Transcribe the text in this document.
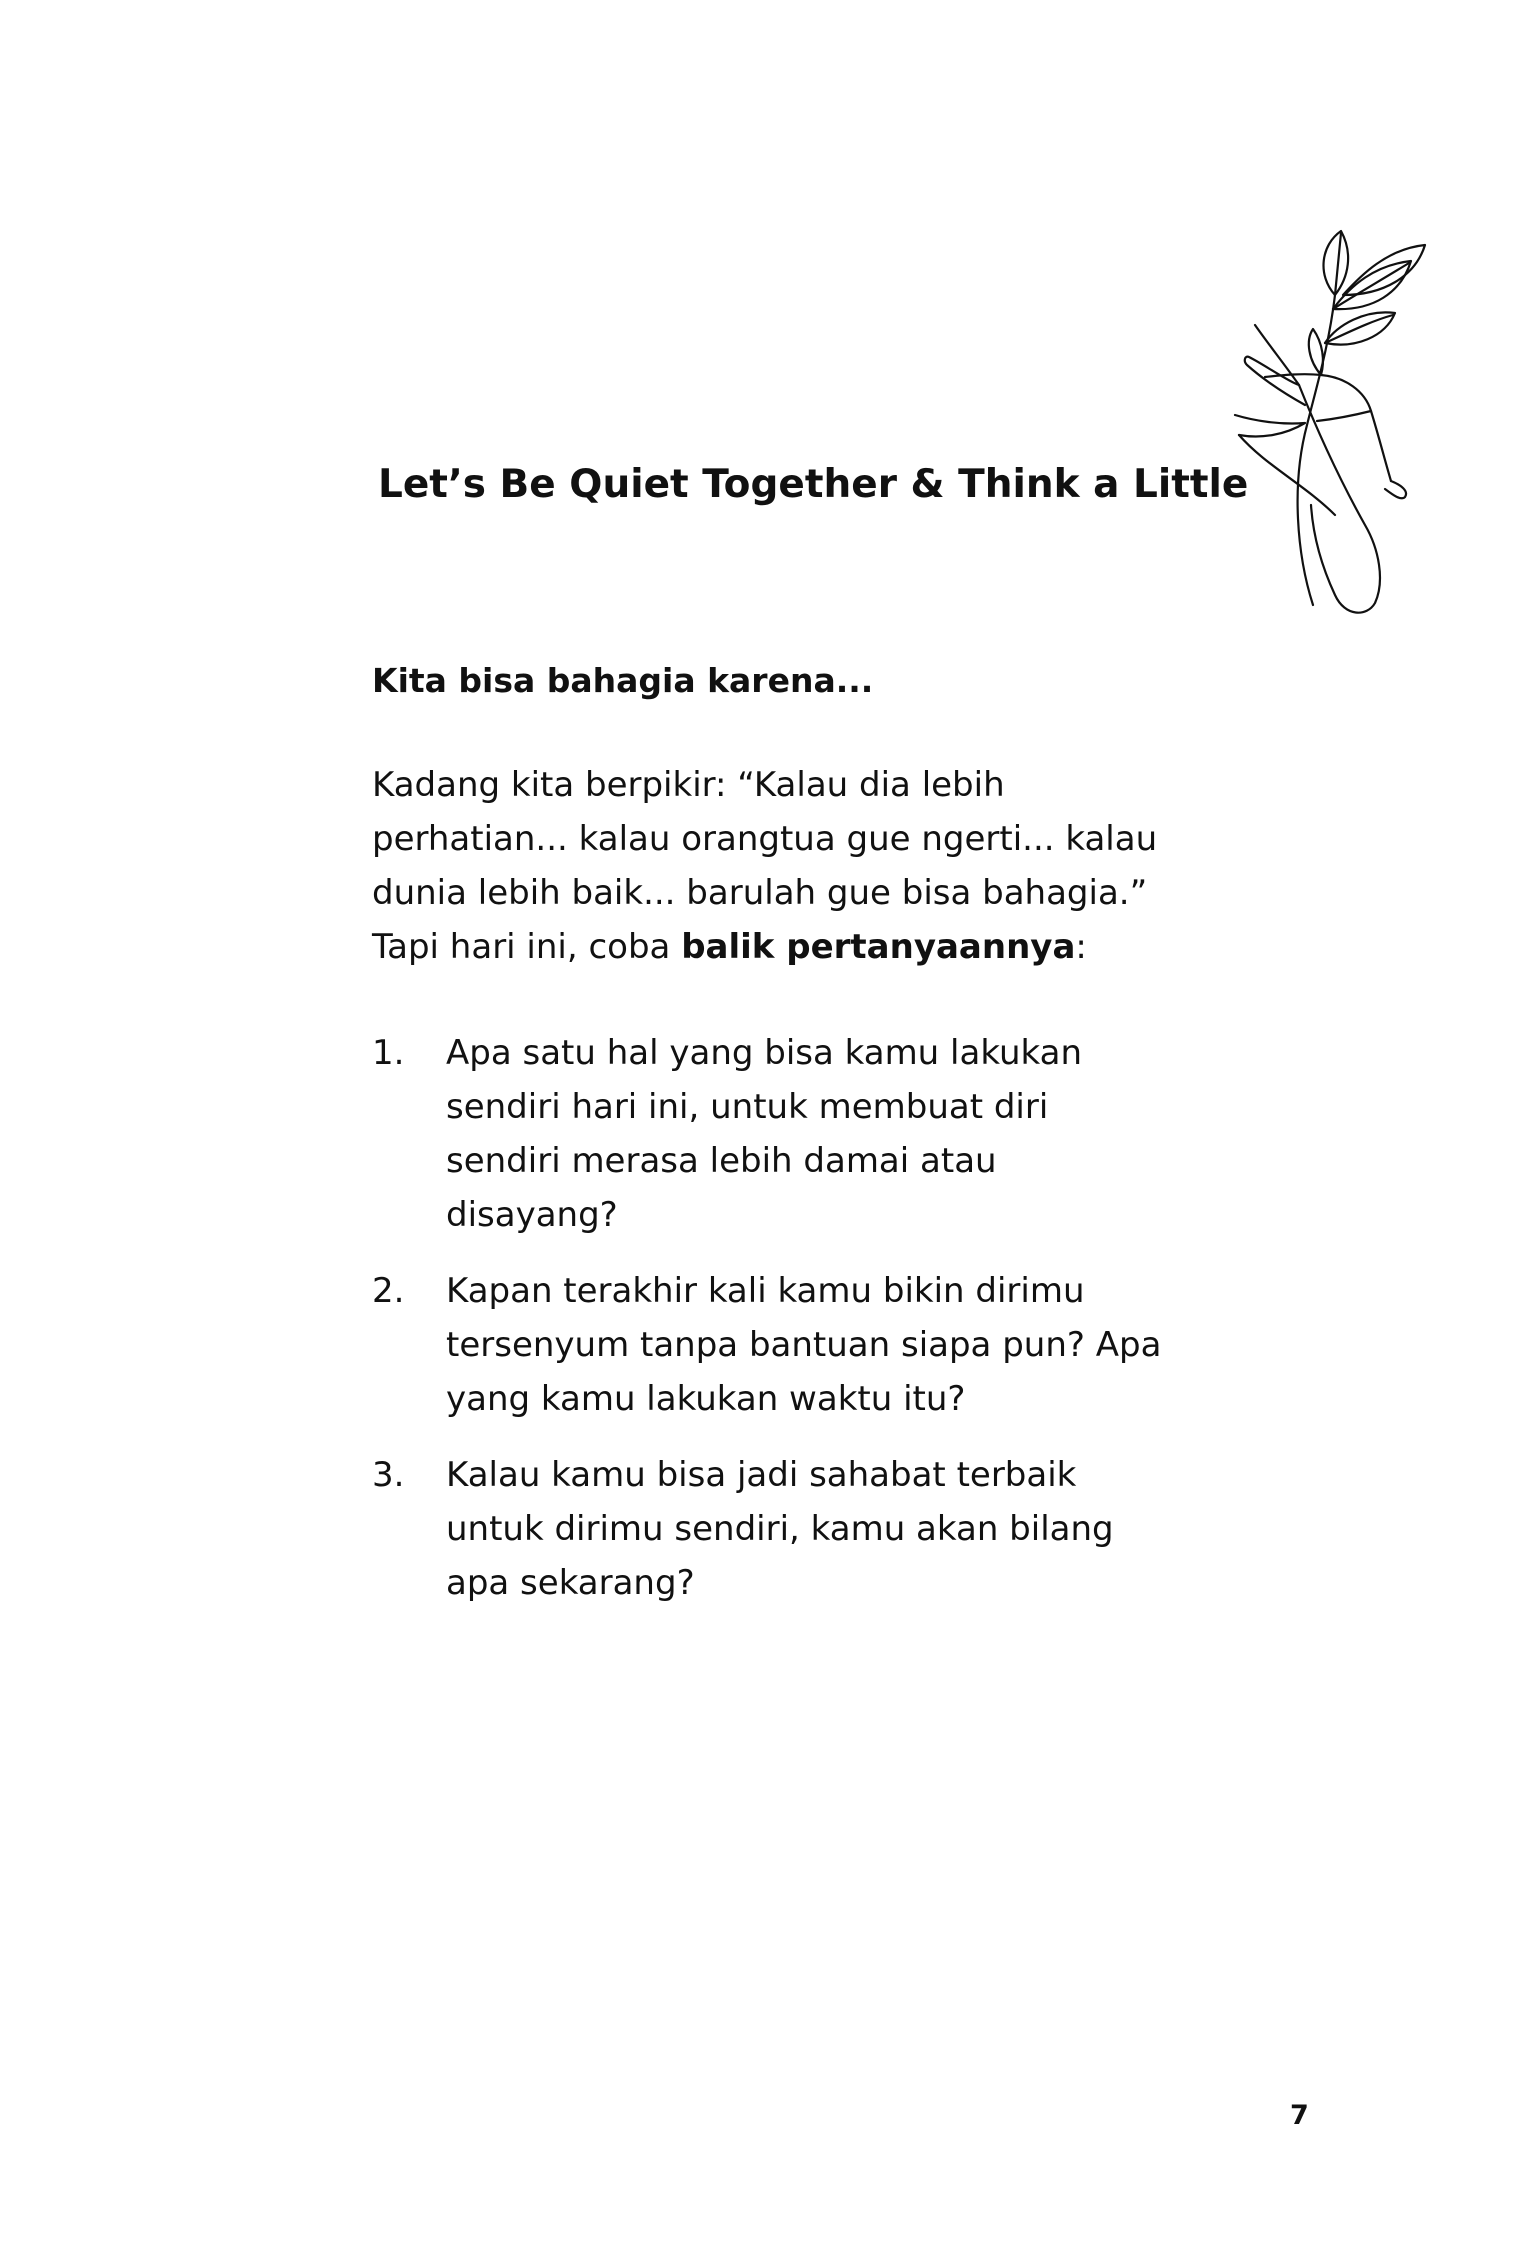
Let’s Be Quiet Together & Think a Little

Kita bisa bahagia karena...

Kadang kita berpikir: “Kalau dia lebih
perhatian... kalau orangtua gue ngerti... kalau
dunia lebih baik... barulah gue bisa bahagia.”
Tapi hari ini, coba balik pertanyaannya:

1.	Apa satu hal yang bisa kamu lakukan sendiri hari ini, untuk membuat diri sendiri merasa lebih damai atau disayang?
2.	Kapan terakhir kali kamu bikin dirimu tersenyum tanpa bantuan siapa pun? Apa yang kamu lakukan waktu itu?
3.	Kalau kamu bisa jadi sahabat terbaik untuk dirimu sendiri, kamu akan bilang apa sekarang?
7
